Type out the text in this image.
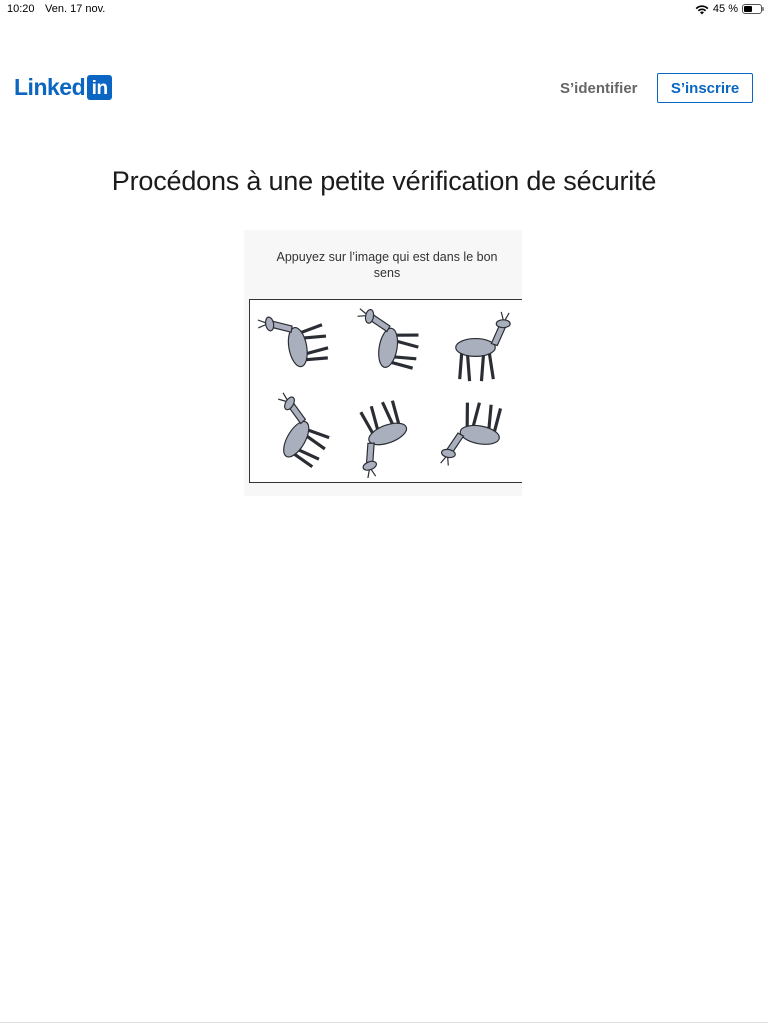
10:20 Ven. 17 nov.	45 %
Linked in	S’identifier	S’inscrire
Procédons à une petite vérification de sécurité
Appuyez sur l’image qui est dans le bon sens
